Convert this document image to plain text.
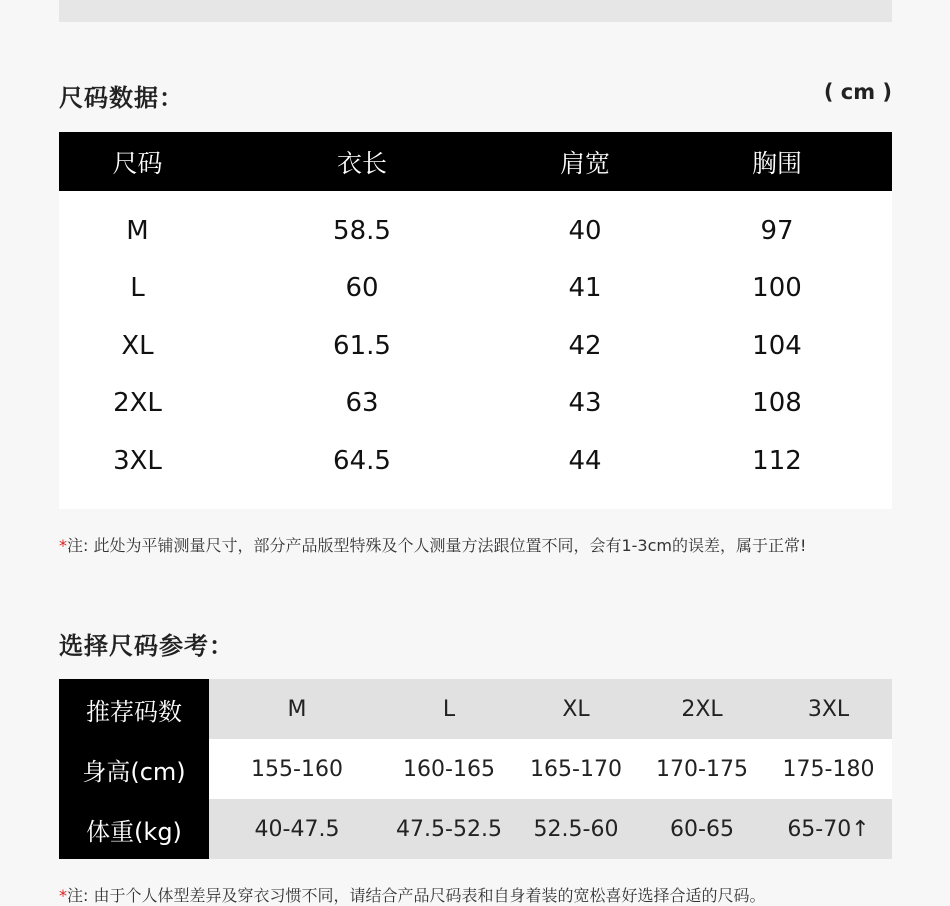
尺码数据：	( cm )
尺码	衣长	肩宽	胸围
M	58.5	40	97
L	60	41	100
XL	61.5	42	104
2XL	63	43	108
3XL	64.5	44	112
*注: 此处为平铺测量尺寸，部分产品版型特殊及个人测量方法跟位置不同，会有1-3cm的误差，属于正常!
选择尺码参考：
推荐码数	M	L	XL	2XL	3XL
身高(cm)	155-160	160-165	165-170	170-175	175-180
体重(kg)	40-47.5	47.5-52.5	52.5-60	60-65	65-70↑
*注: 由于个人体型差异及穿衣习惯不同，请结合产品尺码表和自身着装的宽松喜好选择合适的尺码。
